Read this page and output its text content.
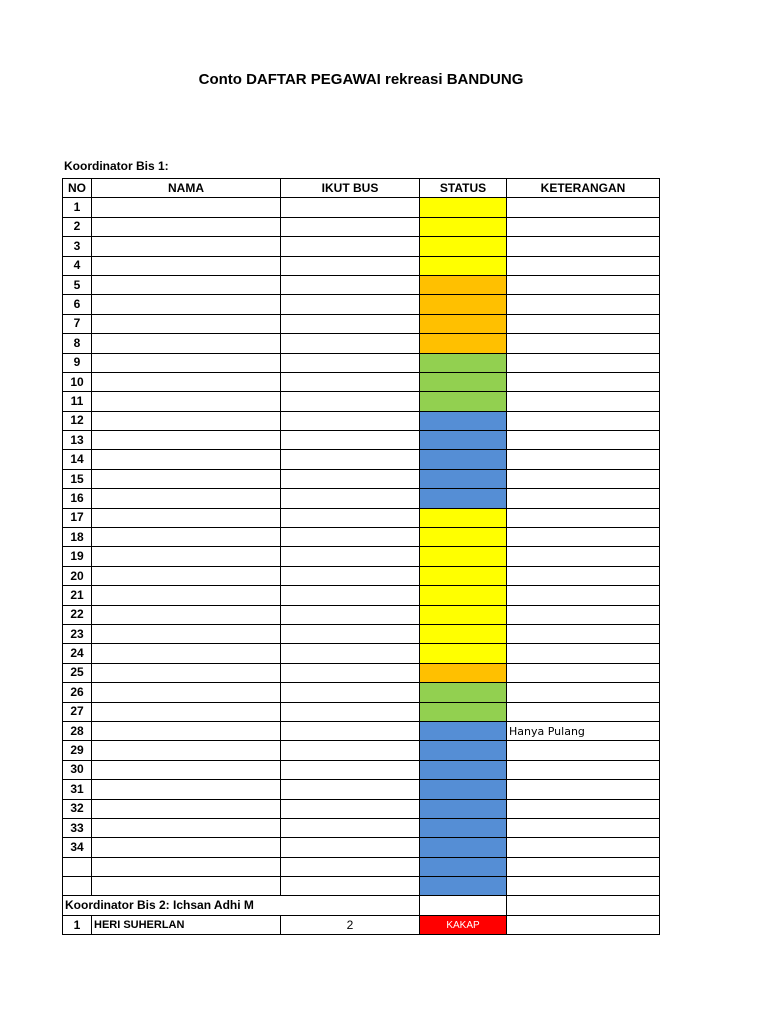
Conto DAFTAR PEGAWAI rekreasi BANDUNG
Koordinator Bis 1:
NO	NAMA	IKUT BUS	STATUS	KETERANGAN
1				
2				
3				
4				
5				
6				
7				
8				
9				
10				
11				
12				
13				
14				
15				
16				
17				
18				
19				
20				
21				
22				
23				
24				
25				
26				
27				
28				Hanya Pulang
29				
30				
31				
32				
33				
34				

Koordinator Bis 2: Ichsan Adhi M				
1	HERI SUHERLAN	2	KAKAP	
